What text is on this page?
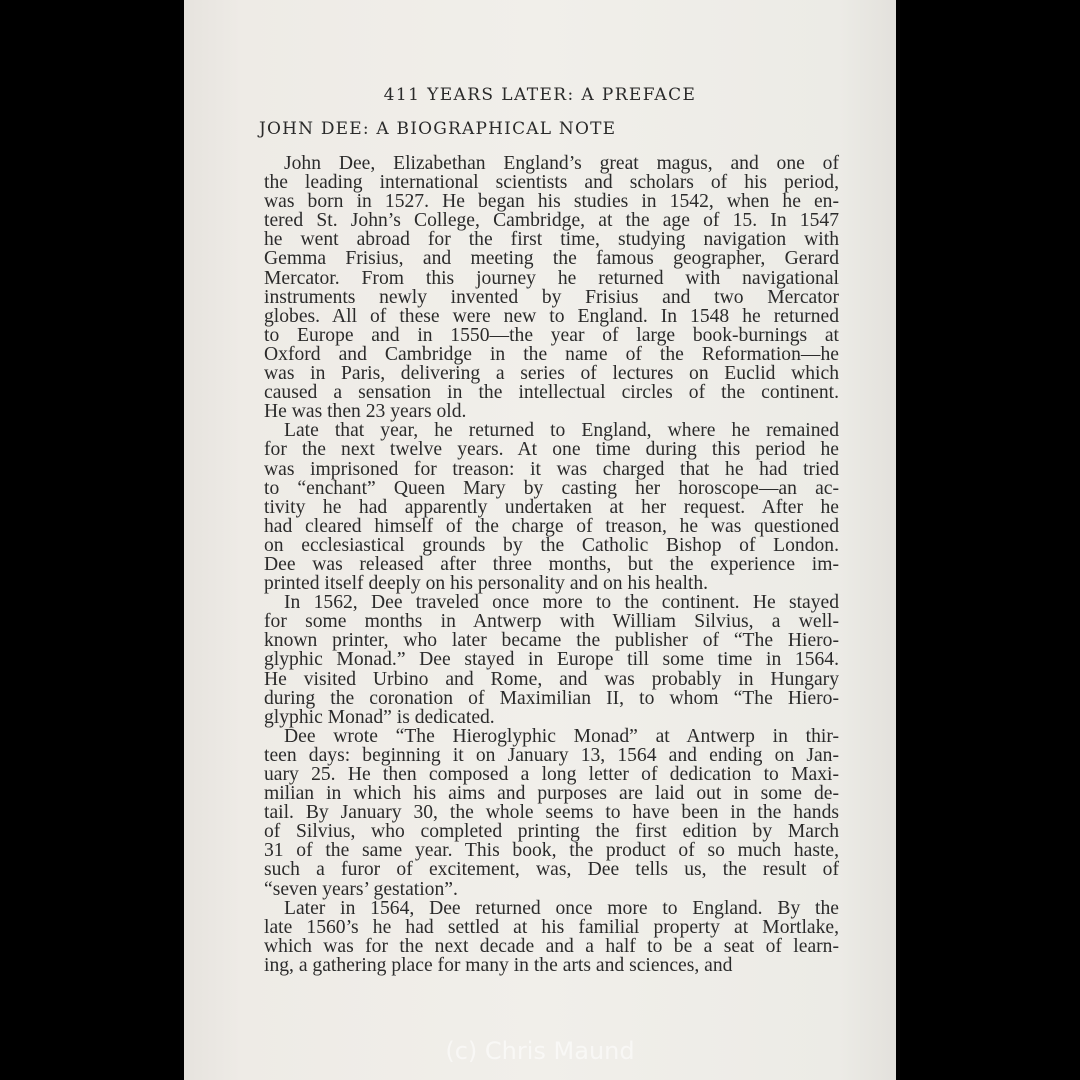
411 YEARS LATER: A PREFACE
JOHN DEE: A BIOGRAPHICAL NOTE
John Dee, Elizabethan England’s great magus, and one of
the leading international scientists and scholars of his period,
was born in 1527. He began his studies in 1542, when he en-
tered St. John’s College, Cambridge, at the age of 15. In 1547
he went abroad for the first time, studying navigation with
Gemma Frisius, and meeting the famous geographer, Gerard
Mercator. From this journey he returned with navigational
instruments newly invented by Frisius and two Mercator
globes. All of these were new to England. In 1548 he returned
to Europe and in 1550—the year of large book-burnings at
Oxford and Cambridge in the name of the Reformation—he
was in Paris, delivering a series of lectures on Euclid which
caused a sensation in the intellectual circles of the continent.
He was then 23 years old.
Late that year, he returned to England, where he remained
for the next twelve years. At one time during this period he
was imprisoned for treason: it was charged that he had tried
to “enchant” Queen Mary by casting her horoscope—an ac-
tivity he had apparently undertaken at her request. After he
had cleared himself of the charge of treason, he was questioned
on ecclesiastical grounds by the Catholic Bishop of London.
Dee was released after three months, but the experience im-
printed itself deeply on his personality and on his health.
In 1562, Dee traveled once more to the continent. He stayed
for some months in Antwerp with William Silvius, a well-
known printer, who later became the publisher of “The Hiero-
glyphic Monad.” Dee stayed in Europe till some time in 1564.
He visited Urbino and Rome, and was probably in Hungary
during the coronation of Maximilian II, to whom “The Hiero-
glyphic Monad” is dedicated.
Dee wrote “The Hieroglyphic Monad” at Antwerp in thir-
teen days: beginning it on January 13, 1564 and ending on Jan-
uary 25. He then composed a long letter of dedication to Maxi-
milian in which his aims and purposes are laid out in some de-
tail. By January 30, the whole seems to have been in the hands
of Silvius, who completed printing the first edition by March
31 of the same year. This book, the product of so much haste,
such a furor of excitement, was, Dee tells us, the result of
“seven years’ gestation”.
Later in 1564, Dee returned once more to England. By the
late 1560’s he had settled at his familial property at Mortlake,
which was for the next decade and a half to be a seat of learn-
ing, a gathering place for many in the arts and sciences, and
(c) Chris Maund
